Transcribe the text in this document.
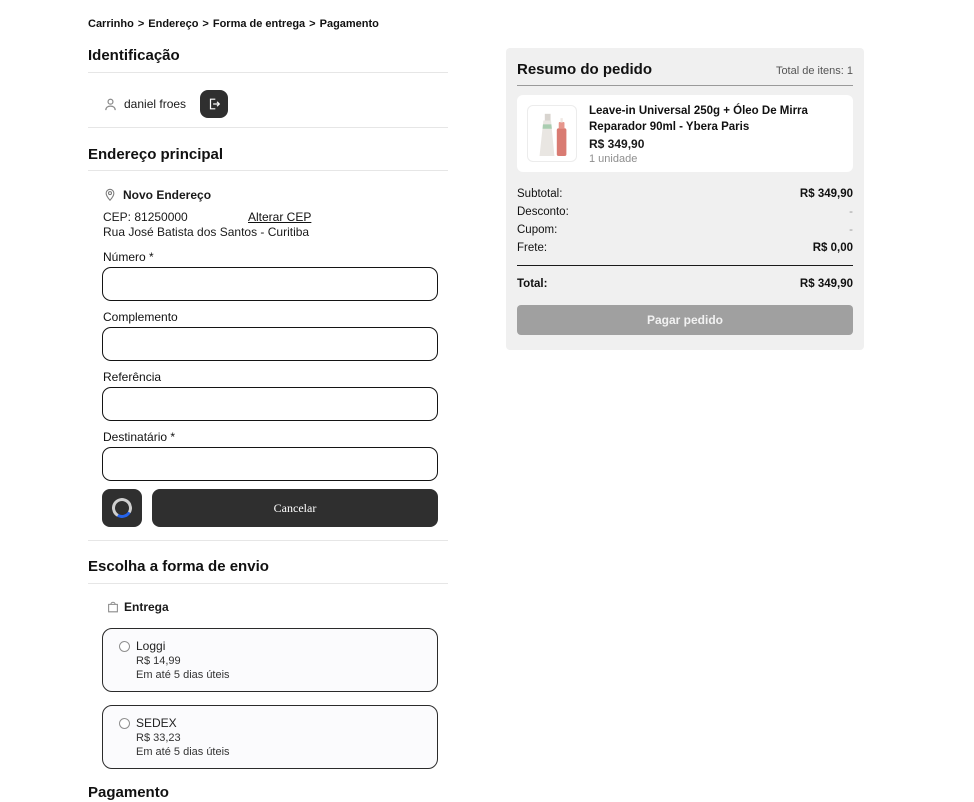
Carrinho > Endereço > Forma de entrega > Pagamento
Identificação
daniel froes
Endereço principal
Novo Endereço
CEP: 81250000	Alterar CEP
Rua José Batista dos Santos - Curitiba
Número *
Complemento
Referência
Destinatário *
Cancelar
Escolha a forma de envio
Entrega
Loggi
R$ 14,99
Em até 5 dias úteis
SEDEX
R$ 33,23
Em até 5 dias úteis
Pagamento
Resumo do pedido	Total de itens: 1
Leave-in Universal 250g + Óleo De Mirra Reparador 90ml - Ybera Paris
R$ 349,90
1 unidade
Subtotal:	R$ 349,90
Desconto:	-
Cupom:	-
Frete:	R$ 0,00
Total:	R$ 349,90
Pagar pedido
